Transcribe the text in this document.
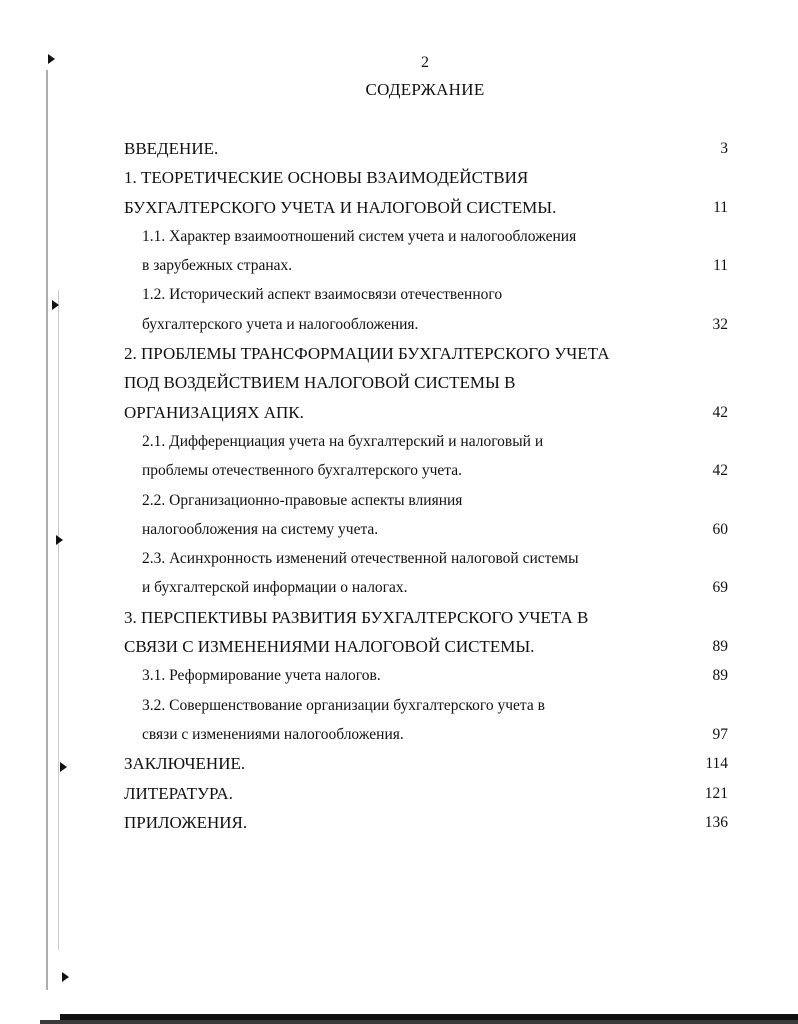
2
СОДЕРЖАНИЕ
ВВЕДЕНИЕ.	3
1. ТЕОРЕТИЧЕСКИЕ ОСНОВЫ ВЗАИМОДЕЙСТВИЯ
БУХГАЛТЕРСКОГО УЧЕТА И НАЛОГОВОЙ СИСТЕМЫ.	11
1.1. Характер взаимоотношений систем учета и налогообложения
в зарубежных странах.	11
1.2. Исторический аспект взаимосвязи отечественного
бухгалтерского учета и налогообложения.	32
2. ПРОБЛЕМЫ ТРАНСФОРМАЦИИ БУХГАЛТЕРСКОГО УЧЕТА
ПОД ВОЗДЕЙСТВИЕМ НАЛОГОВОЙ СИСТЕМЫ В
ОРГАНИЗАЦИЯХ АПК.	42
2.1. Дифференциация учета на бухгалтерский и налоговый и
проблемы отечественного бухгалтерского учета.	42
2.2. Организационно-правовые аспекты влияния
налогообложения на систему учета.	60
2.3. Асинхронность изменений отечественной налоговой системы
и бухгалтерской информации о налогах.	69
3. ПЕРСПЕКТИВЫ РАЗВИТИЯ БУХГАЛТЕРСКОГО УЧЕТА В
СВЯЗИ С ИЗМЕНЕНИЯМИ НАЛОГОВОЙ СИСТЕМЫ.	89
3.1. Реформирование учета налогов.	89
3.2. Совершенствование организации бухгалтерского учета в
связи с изменениями налогообложения.	97
ЗАКЛЮЧЕНИЕ.	114
ЛИТЕРАТУРА.	121
ПРИЛОЖЕНИЯ.	136
